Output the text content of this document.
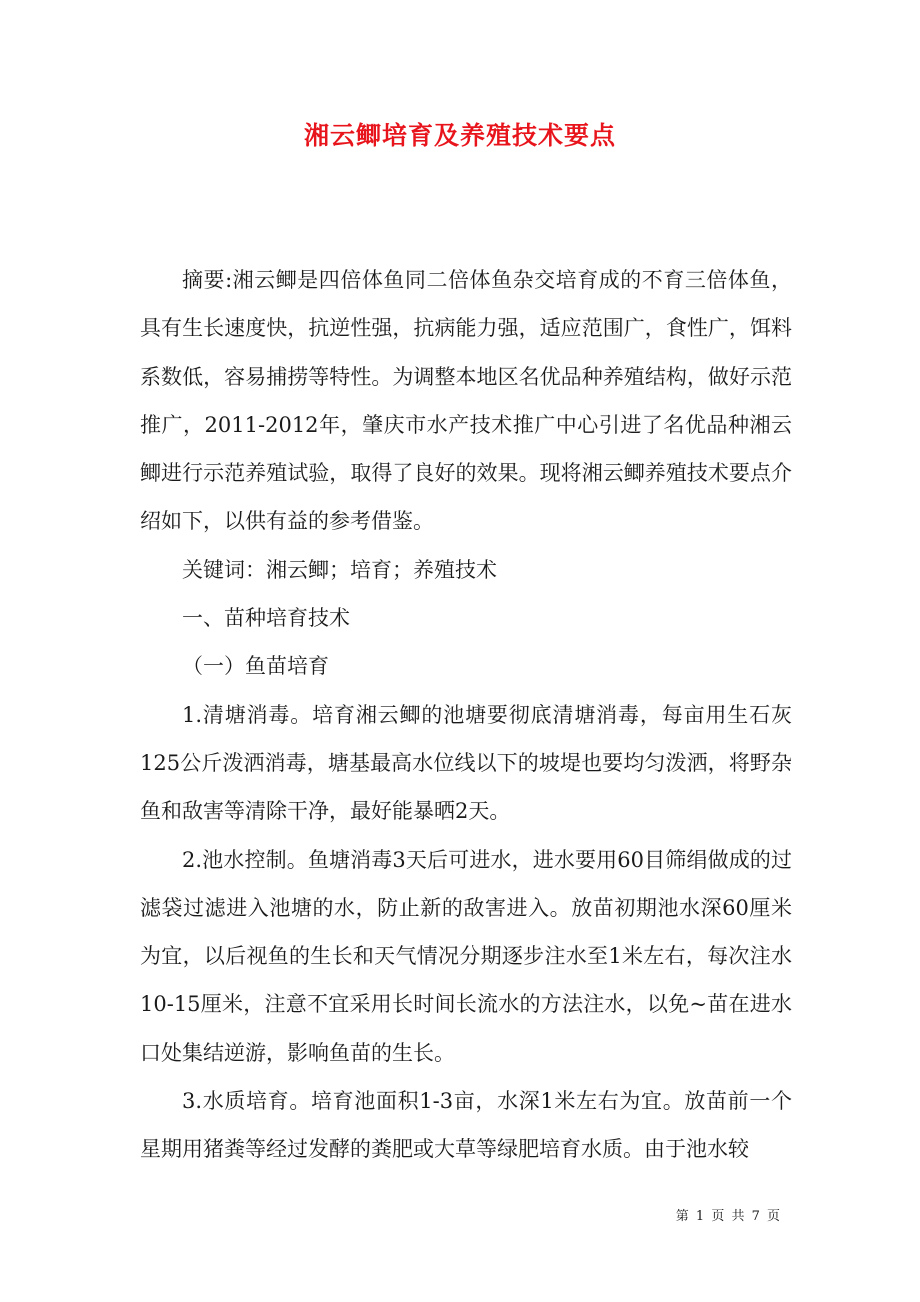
湘云鲫培育及养殖技术要点

摘要:湘云鲫是四倍体鱼同二倍体鱼杂交培育成的不育三倍体鱼，具有生长速度快，抗逆性强，抗病能力强，适应范围广，食性广，饵料系数低，容易捕捞等特性。为调整本地区名优品种养殖结构，做好示范推广，2011-2012年，肇庆市水产技术推广中心引进了名优品种湘云鲫进行示范养殖试验，取得了良好的效果。现将湘云鲫养殖技术要点介绍如下，以供有益的参考借鉴。

关键词：湘云鲫；培育；养殖技术

一、苗种培育技术

（一）鱼苗培育

1.清塘消毒。培育湘云鲫的池塘要彻底清塘消毒，每亩用生石灰125公斤泼洒消毒，塘基最高水位线以下的坡堤也要均匀泼洒，将野杂鱼和敌害等清除干净，最好能暴晒2天。

2.池水控制。鱼塘消毒3天后可进水，进水要用60目筛绢做成的过滤袋过滤进入池塘的水，防止新的敌害进入。放苗初期池水深60厘米为宜，以后视鱼的生长和天气情况分期逐步注水至1米左右，每次注水10-15厘米，注意不宜采用长时间长流水的方法注水，以免~苗在进水口处集结逆游，影响鱼苗的生长。

3.水质培育。培育池面积1-3亩，水深1米左右为宜。放苗前一个星期用猪粪等经过发酵的粪肥或大草等绿肥培育水质。由于池水较

第 1 页 共 7 页
